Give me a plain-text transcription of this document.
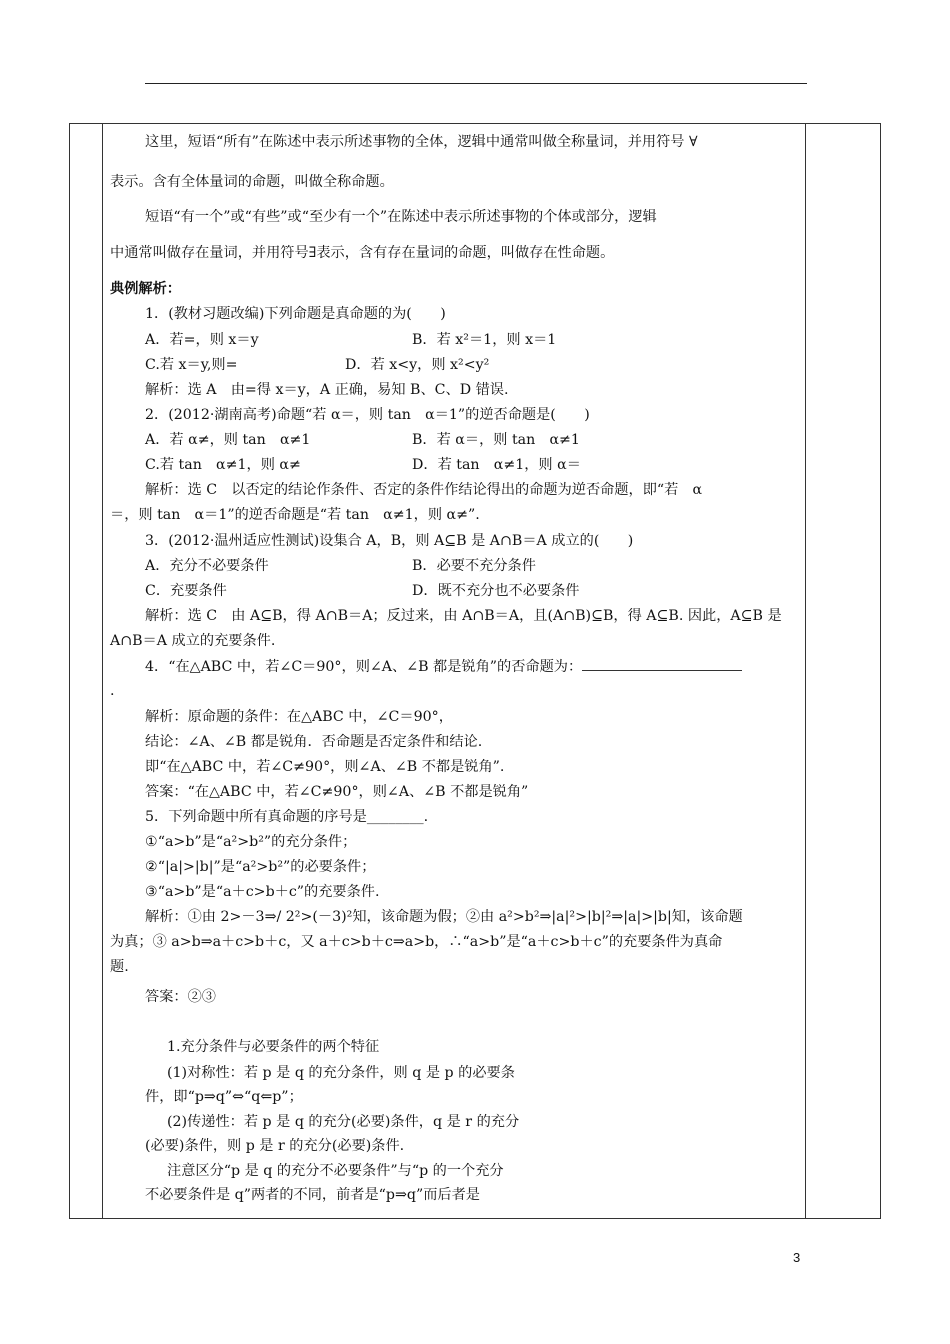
这里，短语“所有”在陈述中表示所述事物的全体，逻辑中通常叫做全称量词，并用符号 ∀
表示。含有全体量词的命题，叫做全称命题。
短语“有一个”或“有些”或“至少有一个”在陈述中表示所述事物的个体或部分，逻辑
中通常叫做存在量词，并用符号∃表示，含有存在量词的命题，叫做存在性命题。
典例解析：
1．(教材习题改编)下列命题是真命题的为(　　)
A．若=，则 x＝y	B．若 x²＝1，则 x＝1
C.若 x＝y,则=	D．若 x<y，则 x²<y²
解析：选 A　由=得 x＝y，A 正确，易知 B、C、D 错误.
2．(2012·湖南高考)命题“若 α＝，则 tan　α＝1”的逆否命题是(　　)
A．若 α≠，则 tan　α≠1	B．若 α＝，则 tan　α≠1
C.若 tan　α≠1，则 α≠	D．若 tan　α≠1，则 α＝
解析：选 C　以否定的结论作条件、否定的条件作结论得出的命题为逆否命题，即“若　α
＝，则 tan　α＝1”的逆否命题是“若 tan　α≠1，则 α≠”.
3．(2012·温州适应性测试)设集合 A，B，则 A⊆B 是 A∩B＝A 成立的(　　)
A．充分不必要条件	B．必要不充分条件
C．充要条件	D．既不充分也不必要条件
解析：选 C　由 A⊆B，得 A∩B＝A；反过来，由 A∩B＝A，且(A∩B)⊆B，得 A⊆B. 因此，A⊆B 是
A∩B＝A 成立的充要条件.
4．“在△ABC 中，若∠C＝90°，则∠A、∠B 都是锐角”的否命题为：
.
解析：原命题的条件：在△ABC 中，∠C＝90°，
结论：∠A、∠B 都是锐角．否命题是否定条件和结论.
即“在△ABC 中，若∠C≠90°，则∠A、∠B 不都是锐角”.
答案：“在△ABC 中，若∠C≠90°，则∠A、∠B 不都是锐角”
5．下列命题中所有真命题的序号是________.
①“a>b”是“a²>b²”的充分条件；
②“|a|>|b|”是“a²>b²”的必要条件；
③“a>b”是“a＋c>b＋c”的充要条件.
解析：①由 2>－3⇒/ 2²>(－3)²知，该命题为假；②由 a²>b²⇒|a|²>|b|²⇒|a|>|b|知，该命题
为真；③ a>b⇒a＋c>b＋c，又 a＋c>b＋c⇒a>b，∴“a>b”是“a＋c>b＋c”的充要条件为真命
题.
答案：②③
1.充分条件与必要条件的两个特征
(1)对称性：若 p 是 q 的充分条件，则 q 是 p 的必要条
件，即“p⇒q”⇔“q⇐p”；
(2)传递性：若 p 是 q 的充分(必要)条件，q 是 r 的充分
(必要)条件，则 p 是 r 的充分(必要)条件.
注意区分“p 是 q 的充分不必要条件”与“p 的一个充分
不必要条件是 q”两者的不同，前者是“p⇒q”而后者是
3
